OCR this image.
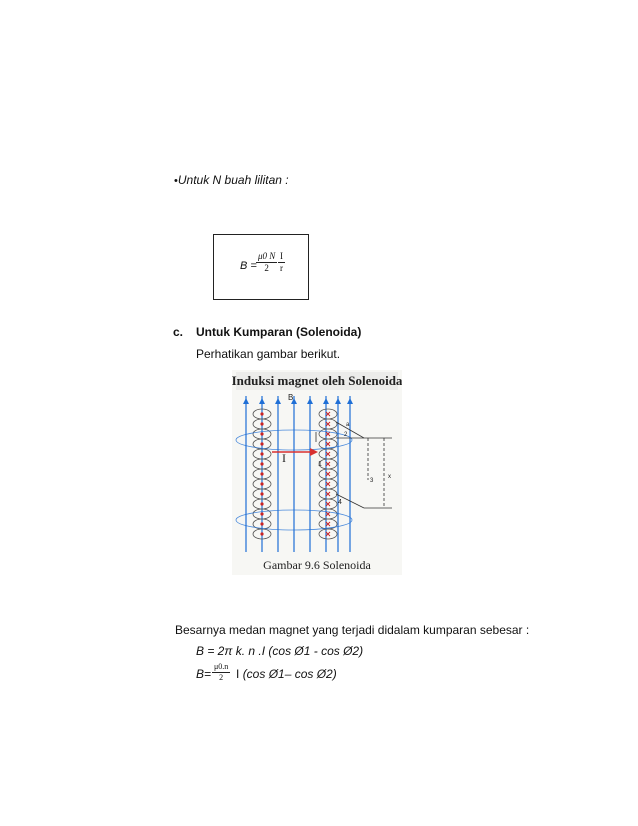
•Untuk N buah lilitan :
$B = \frac{\mu 0 N}{2} \frac{I}{r}$
c. Untuk Kumparan (Solenoida)
Perhatikan gambar berikut.
Induksi magnet oleh Solenoida
B
I	1
2
3
4
a
x
Gambar 9.6 Solenoida
Besarnya medan magnet yang terjadi didalam kumparan sebesar :
B = 2π k. n .I (cos Ø1 - cos Ø2)
$B= \frac{\mu 0.n}{2}$ I (cos Ø1– cos Ø2)
